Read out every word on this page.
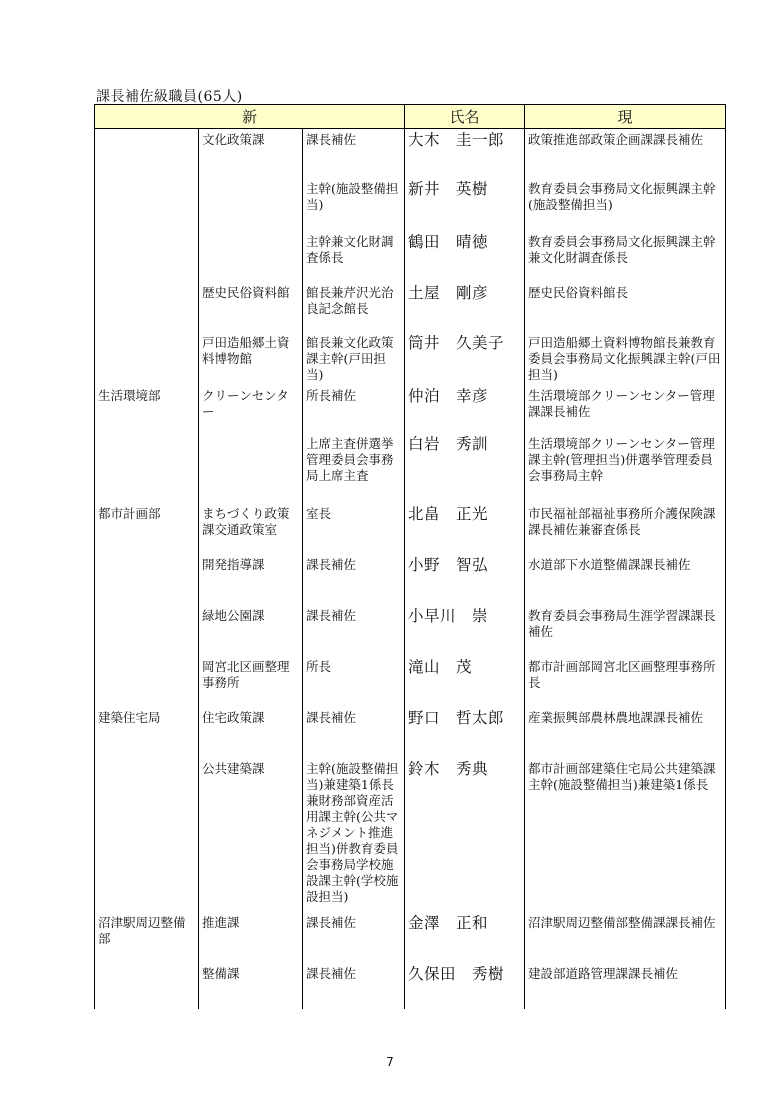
課長補佐級職員(65人)
新			氏名	現
	文化政策課	課長補佐	大木　圭一郎	政策推進部政策企画課課長補佐
		主幹(施設整備担当)	新井　英樹	教育委員会事務局文化振興課主幹(施設整備担当)
		主幹兼文化財調査係長	鶴田　晴徳	教育委員会事務局文化振興課主幹兼文化財調査係長
	歴史民俗資料館	館長兼芹沢光治良記念館長	土屋　剛彦	歴史民俗資料館長
	戸田造船郷土資料博物館	館長兼文化政策課主幹(戸田担当)	筒井　久美子	戸田造船郷土資料博物館長兼教育委員会事務局文化振興課主幹(戸田担当)
生活環境部	クリーンセンター	所長補佐	仲泊　幸彦	生活環境部クリーンセンター管理課課長補佐
		上席主査併選挙管理委員会事務局上席主査	白岩　秀訓	生活環境部クリーンセンター管理課主幹(管理担当)併選挙管理委員会事務局主幹
都市計画部	まちづくり政策課交通政策室	室長	北畠　正光	市民福祉部福祉事務所介護保険課課長補佐兼審査係長
	開発指導課	課長補佐	小野　智弘	水道部下水道整備課課長補佐
	緑地公園課	課長補佐	小早川　崇	教育委員会事務局生涯学習課課長補佐
	岡宮北区画整理事務所	所長	滝山　茂	都市計画部岡宮北区画整理事務所長
建築住宅局	住宅政策課	課長補佐	野口　哲太郎	産業振興部農林農地課課長補佐
	公共建築課	主幹(施設整備担当)兼建築1係長兼財務部資産活用課主幹(公共マネジメント推進担当)併教育委員会事務局学校施設課主幹(学校施設担当)	鈴木　秀典	都市計画部建築住宅局公共建築課主幹(施設整備担当)兼建築1係長
沼津駅周辺整備部	推進課	課長補佐	金澤　正和	沼津駅周辺整備部整備課課長補佐
	整備課	課長補佐	久保田　秀樹	建設部道路管理課課長補佐
7
